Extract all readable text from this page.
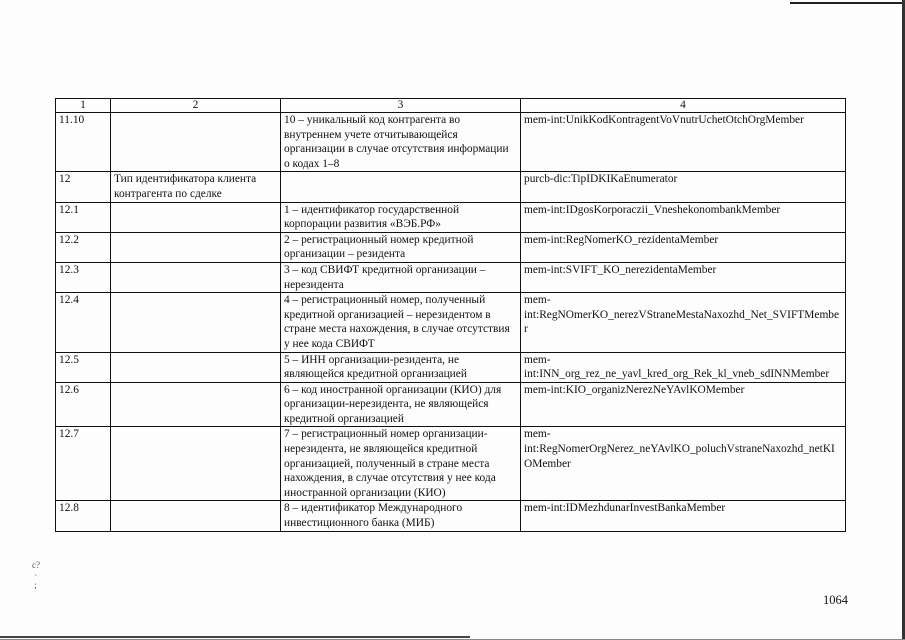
c?
·
;
1	2	3	4
11.10		10 – уникальный код контрагента во внутреннем учете отчитывающейся организации в случае отсутствия информации о кодах 1–8	mem-int:UnikKodKontragentVoVnutrUchetOtchOrgMember
12	Тип идентификатора клиента контрагента по сделке		purcb-dic:TipIDKIKaEnumerator
12.1		1 – идентификатор государственной корпорации развития «ВЭБ.РФ»	mem-int:IDgosKorporaczii_VneshekonombankMember
12.2		2 – регистрационный номер кредитной организации – резидента	mem-int:RegNomerKO_rezidentaMember
12.3		3 – код СВИФТ кредитной организации – нерезидента	mem-int:SVIFT_KO_nerezidentaMember
12.4		4 – регистрационный номер, полученный кредитной организацией – нерезидентом в стране места нахождения, в случае отсутствия у нее кода СВИФТ	mem-int:RegNOmerKO_nerezVStraneMestaNaxozhd_Net_SVIFTMember
12.5		5 – ИНН организации-резидента, не являющейся кредитной организацией	mem-int:INN_org_rez_ne_yavl_kred_org_Rek_kl_vneb_sdINNMember
12.6		6 – код иностранной организации (КИО) для организации-нерезидента, не являющейся кредитной организацией	mem-int:KIO_organizNerezNeYAvlKOMember
12.7		7 – регистрационный номер организации-нерезидента, не являющейся кредитной организацией, полученный в стране места нахождения, в случае отсутствия у нее кода иностранной организации (КИО)	mem-int:RegNomerOrgNerez_neYAvlKO_poluchVstraneNaxozhd_netKIOMember
12.8		8 – идентификатор Международного инвестиционного банка (МИБ)	mem-int:IDMezhdunarInvestBankaMember
1064
